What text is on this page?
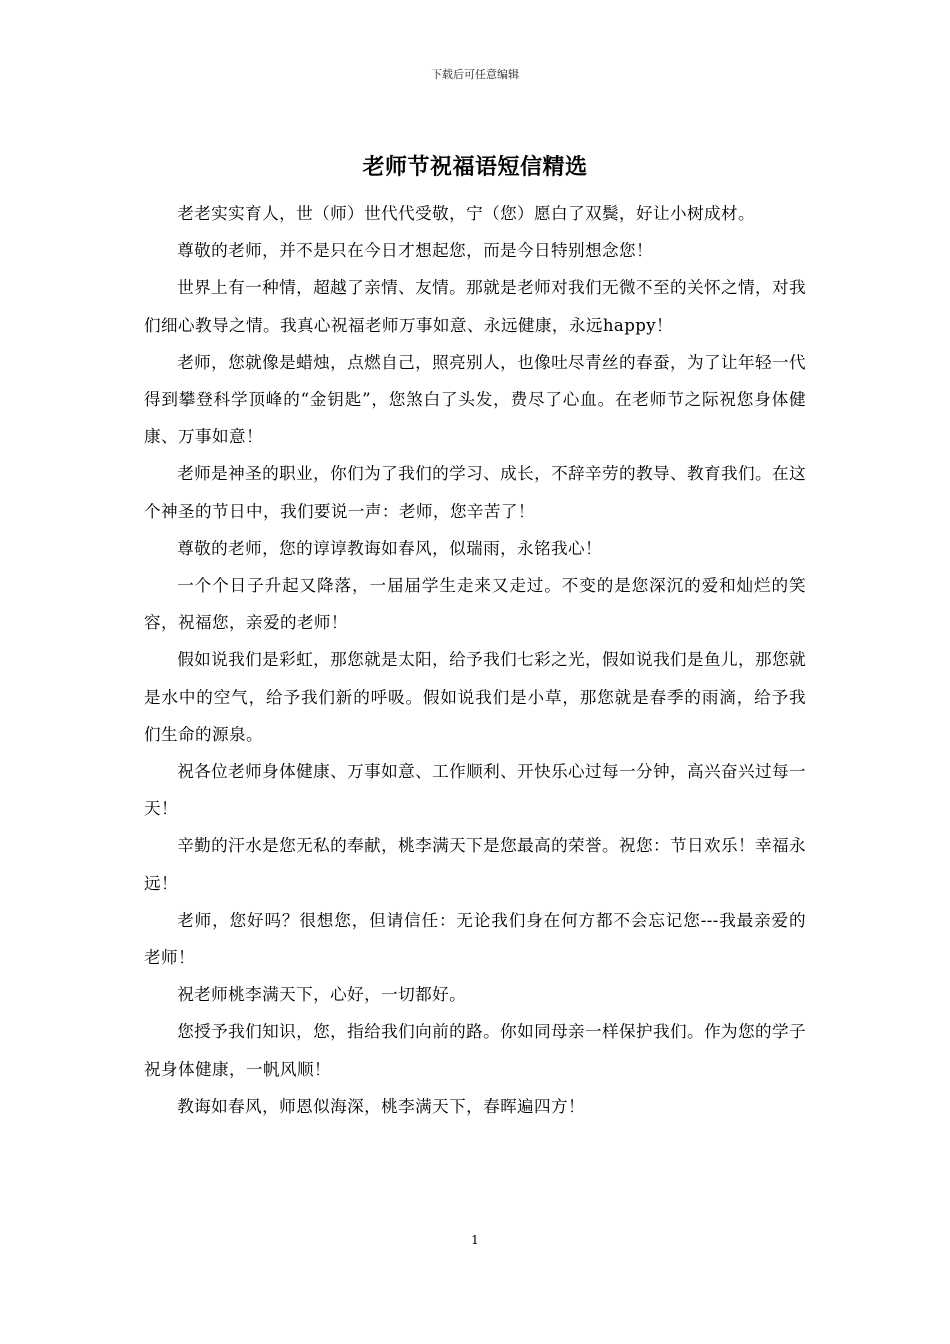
下载后可任意编辑
老师节祝福语短信精选

老老实实育人，世（师）世代代受敬，宁（您）愿白了双鬓，好让小树成材。

尊敬的老师，并不是只在今日才想起您，而是今日特别想念您！

世界上有一种情，超越了亲情、友情。那就是老师对我们无微不至的关怀之情，对我们细心教导之情。我真心祝福老师万事如意、永远健康，永远happy！

老师，您就像是蜡烛，点燃自己，照亮别人，也像吐尽青丝的春蚕，为了让年轻一代得到攀登科学顶峰的“金钥匙”，您煞白了头发，费尽了心血。在老师节之际祝您身体健康、万事如意！

老师是神圣的职业，你们为了我们的学习、成长，不辞辛劳的教导、教育我们。在这个神圣的节日中，我们要说一声：老师，您辛苦了！

尊敬的老师，您的谆谆教诲如春风，似瑞雨，永铭我心！

一个个日子升起又降落，一届届学生走来又走过。不变的是您深沉的爱和灿烂的笑容，祝福您，亲爱的老师！

假如说我们是彩虹，那您就是太阳，给予我们七彩之光，假如说我们是鱼儿，那您就是水中的空气，给予我们新的呼吸。假如说我们是小草，那您就是春季的雨滴，给予我们生命的源泉。

祝各位老师身体健康、万事如意、工作顺利、开快乐心过每一分钟，高兴奋兴过每一天！

辛勤的汗水是您无私的奉献，桃李满天下是您最高的荣誉。祝您：节日欢乐！幸福永远！

老师，您好吗？很想您，但请信任：无论我们身在何方都不会忘记您---我最亲爱的老师！

祝老师桃李满天下，心好，一切都好。

您授予我们知识，您，指给我们向前的路。你如同母亲一样保护我们。作为您的学子祝身体健康，一帆风顺！

教诲如春风，师恩似海深，桃李满天下，春晖遍四方！

1
